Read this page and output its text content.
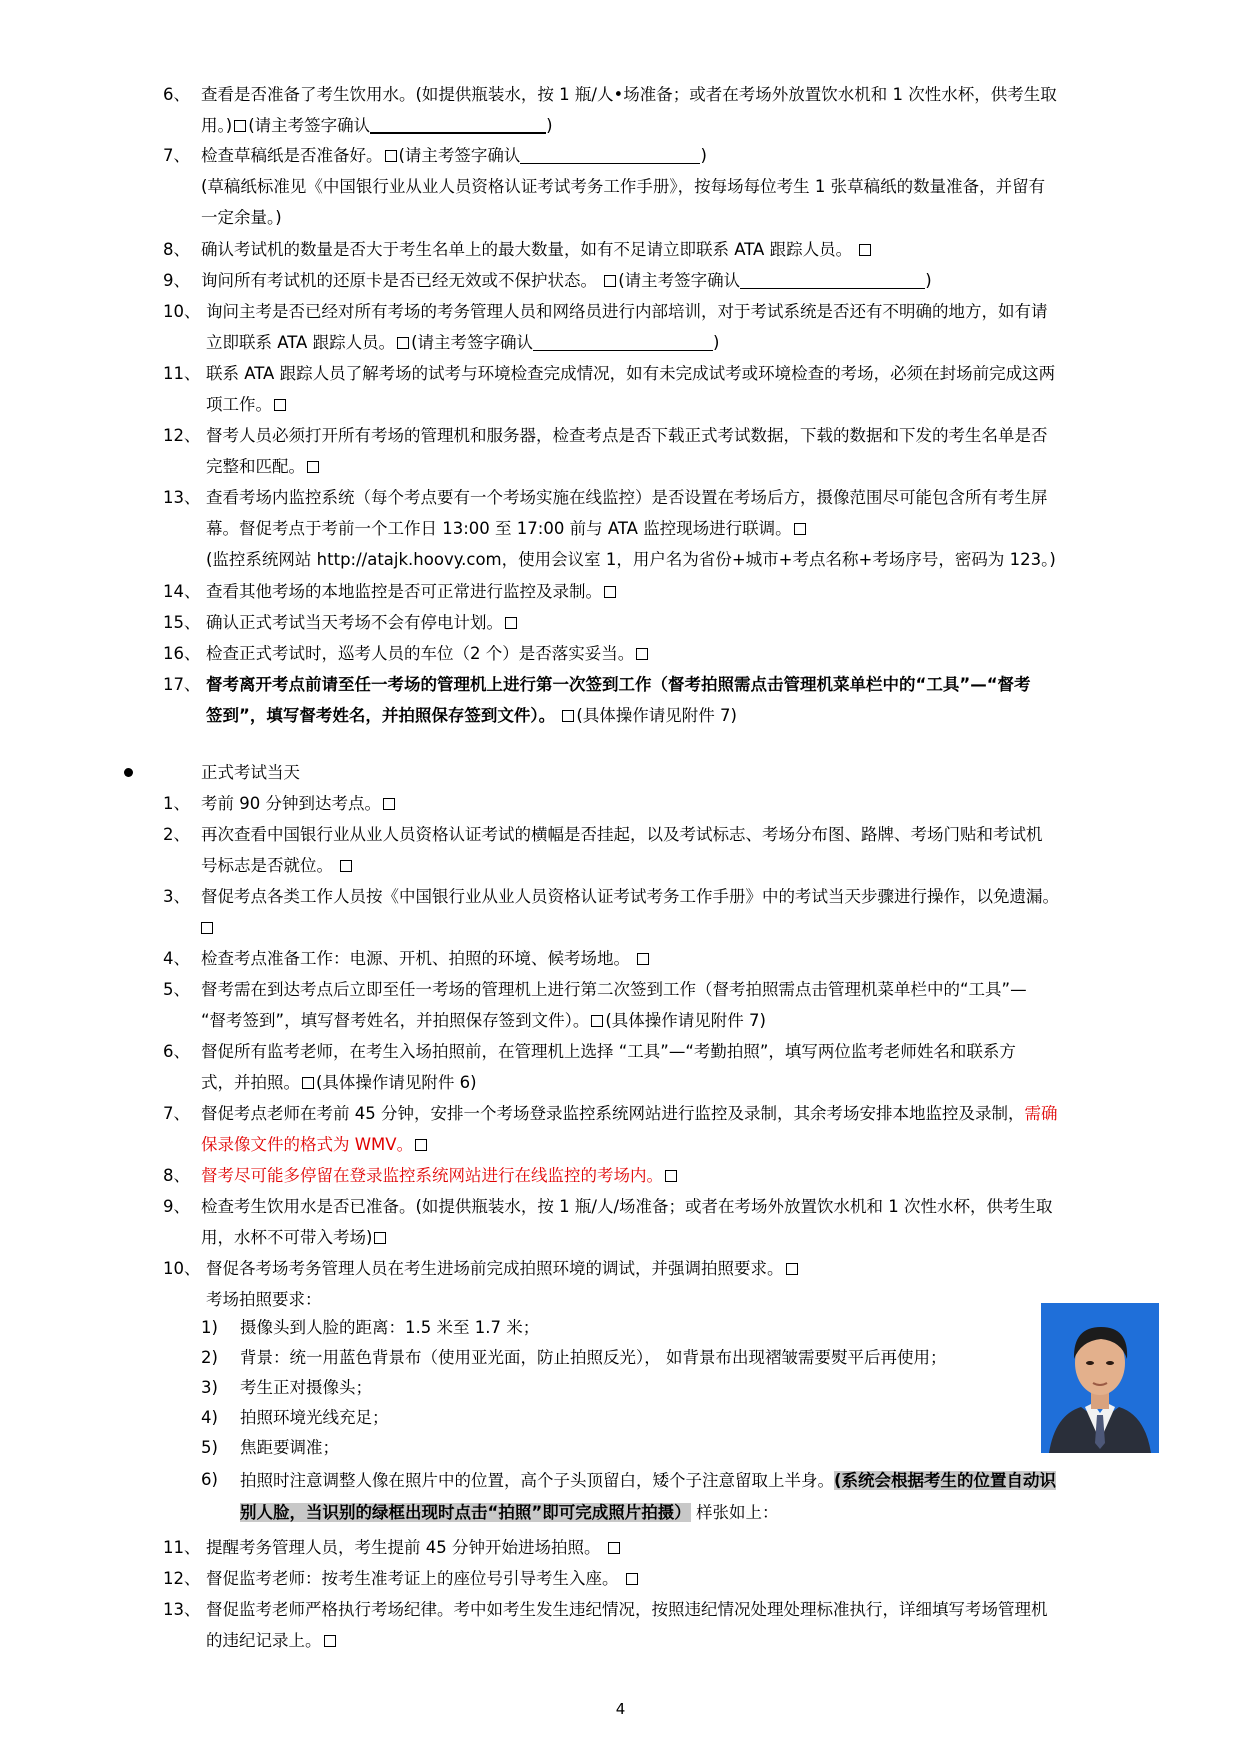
6、 查看是否准备了考生饮用水。(如提供瓶装水，按 1 瓶/人•场准备；或者在考场外放置饮水机和 1 次性水杯，供考生取
用。) (请主考签字确认	)
7、 检查草稿纸是否准备好。 (请主考签字确认	)
(草稿纸标准见《中国银行业从业人员资格认证考试考务工作手册》，按每场每位考生 1 张草稿纸的数量准备，并留有
一定余量。)
8、 确认考试机的数量是否大于考生名单上的最大数量，如有不足请立即联系 ATA 跟踪人员。
9、 询问所有考试机的还原卡是否已经无效或不保护状态。 (请主考签字确认	)
10、 询问主考是否已经对所有考场的考务管理人员和网络员进行内部培训，对于考试系统是否还有不明确的地方，如有请
立即联系 ATA 跟踪人员。 (请主考签字确认	)
11、 联系 ATA 跟踪人员了解考场的试考与环境检查完成情况，如有未完成试考或环境检查的考场，必须在封场前完成这两
项工作。
12、 督考人员必须打开所有考场的管理机和服务器，检查考点是否下载正式考试数据，下载的数据和下发的考生名单是否
完整和匹配。
13、 查看考场内监控系统（每个考点要有一个考场实施在线监控）是否设置在考场后方，摄像范围尽可能包含所有考生屏
幕。督促考点于考前一个工作日 13:00 至 17:00 前与 ATA 监控现场进行联调。
(监控系统网站 http://atajk.hoovy.com，使用会议室 1，用户名为省份+城市+考点名称+考场序号，密码为 123。)
14、 查看其他考场的本地监控是否可正常进行监控及录制。
15、 确认正式考试当天考场不会有停电计划。
16、 检查正式考试时，巡考人员的车位（2 个）是否落实妥当。
17、 督考离开考点前请至任一考场的管理机上进行第一次签到工作（督考拍照需点击管理机菜单栏中的“工具”—“督考
签到”，填写督考姓名，并拍照保存签到文件）。 (具体操作请见附件 7)
正式考试当天
1、 考前 90 分钟到达考点。
2、 再次查看中国银行业从业人员资格认证考试的横幅是否挂起，以及考试标志、考场分布图、路牌、考场门贴和考试机
号标志是否就位。
3、 督促考点各类工作人员按《中国银行业从业人员资格认证考试考务工作手册》中的考试当天步骤进行操作，以免遗漏。
4、 检查考点准备工作：电源、开机、拍照的环境、候考场地。
5、 督考需在到达考点后立即至任一考场的管理机上进行第二次签到工作（督考拍照需点击管理机菜单栏中的“工具”—
“督考签到”，填写督考姓名，并拍照保存签到文件）。 (具体操作请见附件 7)
6、 督促所有监考老师，在考生入场拍照前，在管理机上选择 “工具”—“考勤拍照”，填写两位监考老师姓名和联系方
式，并拍照。 (具体操作请见附件 6)
7、 督促考点老师在考前 45 分钟，安排一个考场登录监控系统网站进行监控及录制，其余考场安排本地监控及录制，需确
保录像文件的格式为 WMV。
8、 督考尽可能多停留在登录监控系统网站进行在线监控的考场内。
9、 检查考生饮用水是否已准备。(如提供瓶装水，按 1 瓶/人/场准备；或者在考场外放置饮水机和 1 次性水杯，供考生取
用，水杯不可带入考场)
10、 督促各考场考务管理人员在考生进场前完成拍照环境的调试，并强调拍照要求。
考场拍照要求：
1) 摄像头到人脸的距离：1.5 米至 1.7 米；
2) 背景：统一用蓝色背景布（使用亚光面，防止拍照反光）， 如背景布出现褶皱需要熨平后再使用；
3) 考生正对摄像头；
4) 拍照环境光线充足；
5) 焦距要调准；
6) 拍照时注意调整人像在照片中的位置，高个子头顶留白，矮个子注意留取上半身。(系统会根据考生的位置自动识
别人脸，当识别的绿框出现时点击“拍照”即可完成照片拍摄） 样张如上：
11、 提醒考务管理人员，考生提前 45 分钟开始进场拍照。
12、 督促监考老师：按考生准考证上的座位号引导考生入座。
13、 督促监考老师严格执行考场纪律。考中如考生发生违纪情况，按照违纪情况处理处理标准执行，详细填写考场管理机
的违纪记录上。
4
